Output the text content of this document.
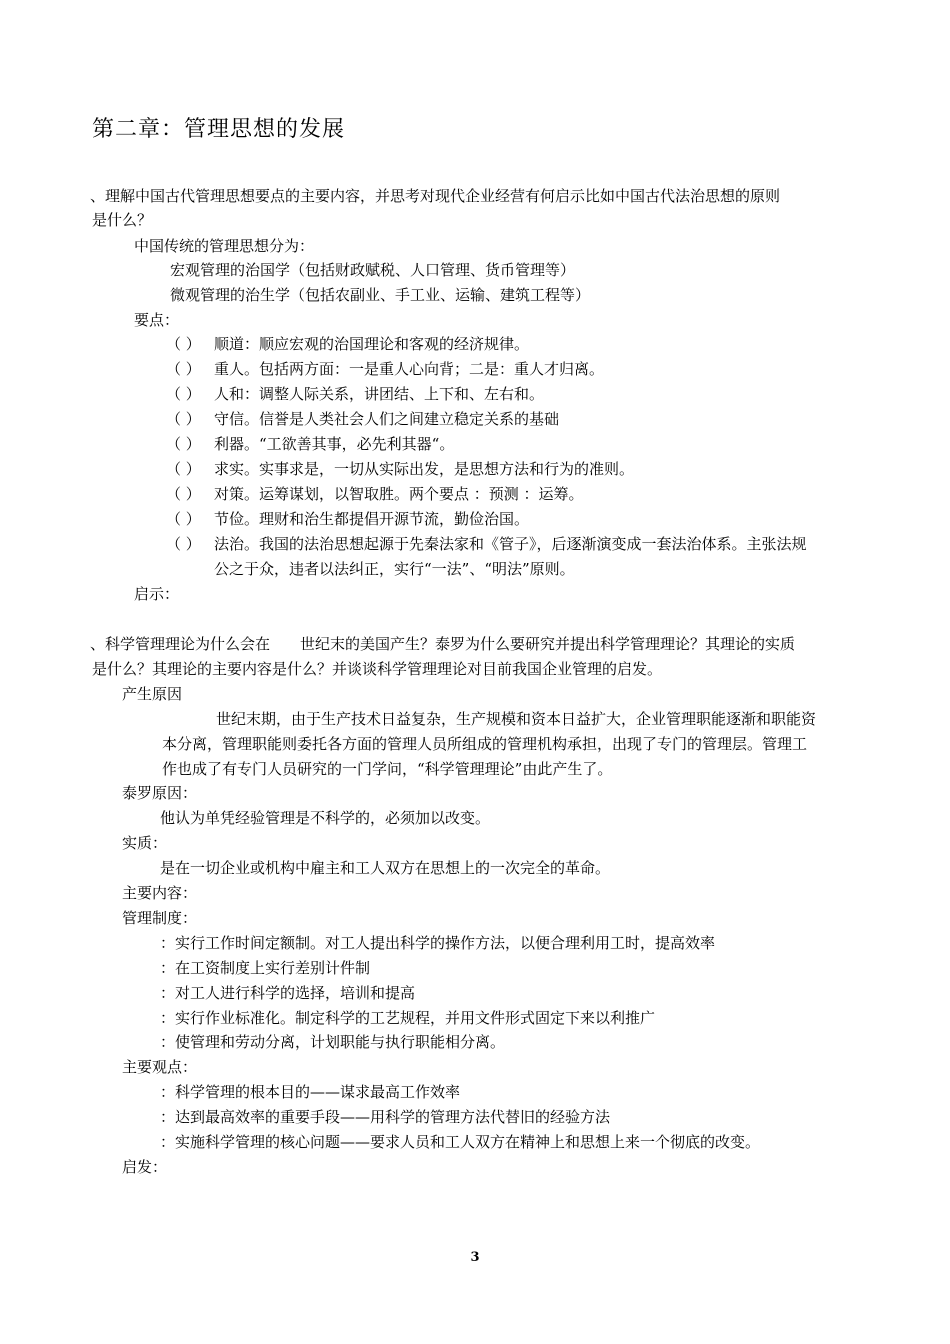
第二章：管理思想的发展
、理解中国古代管理思想要点的主要内容，并思考对现代企业经营有何启示比如中国古代法治思想的原则
是什么？
中国传统的管理思想分为：
宏观管理的治国学（包括财政赋税、人口管理、货币管理等）
微观管理的治生学（包括农副业、手工业、运输、建筑工程等）
要点：
（ ） 顺道：顺应宏观的治国理论和客观的经济规律。
（ ） 重人。包括两方面：一是重人心向背；二是：重人才归离。
（ ） 人和：调整人际关系，讲团结、上下和、左右和。
（ ） 守信。信誉是人类社会人们之间建立稳定关系的基础
（ ） 利器。“工欲善其事，必先利其器“。
（ ） 求实。实事求是，一切从实际出发，是思想方法和行为的准则。
（ ） 对策。运筹谋划，以智取胜。两个要点 ：预测 ：运筹。
（ ） 节俭。理财和治生都提倡开源节流，勤俭治国。
（ ） 法治。我国的法治思想起源于先秦法家和《管子》，后逐渐演变成一套法治体系。主张法规
公之于众，违者以法纠正，实行“一法”、“明法”原则。
启示：
、科学管理理论为什么会在　　世纪末的美国产生？泰罗为什么要研究并提出科学管理理论？其理论的实质
是什么？其理论的主要内容是什么？并谈谈科学管理理论对目前我国企业管理的启发。
产生原因
世纪末期，由于生产技术日益复杂，生产规模和资本日益扩大，企业管理职能逐渐和职能资
本分离，管理职能则委托各方面的管理人员所组成的管理机构承担，出现了专门的管理层。管理工
作也成了有专门人员研究的一门学问，“科学管理理论”由此产生了。
泰罗原因：
他认为单凭经验管理是不科学的，必须加以改变。
实质：
是在一切企业或机构中雇主和工人双方在思想上的一次完全的革命。
主要内容：
管理制度：
：实行工作时间定额制。对工人提出科学的操作方法，以便合理利用工时，提高效率
：在工资制度上实行差别计件制
：对工人进行科学的选择，培训和提高
：实行作业标准化。制定科学的工艺规程，并用文件形式固定下来以利推广
：使管理和劳动分离，计划职能与执行职能相分离。
主要观点：
：科学管理的根本目的——谋求最高工作效率
：达到最高效率的重要手段——用科学的管理方法代替旧的经验方法
：实施科学管理的核心问题——要求人员和工人双方在精神上和思想上来一个彻底的改变。
启发：
3
